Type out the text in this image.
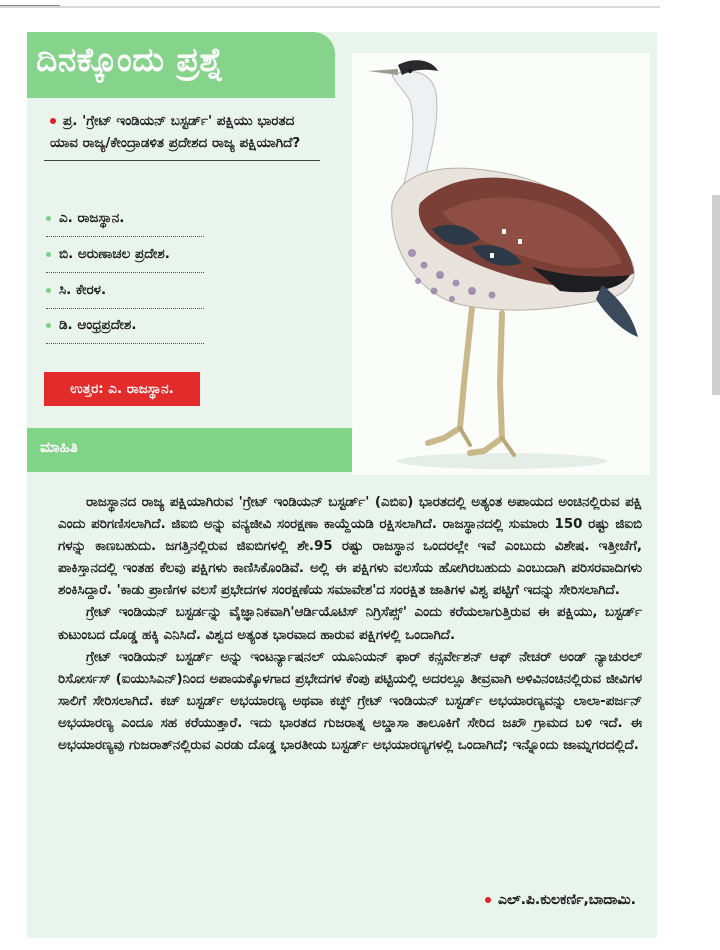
ದಿನಕ್ಕೊಂದು ಪ್ರಶ್ನೆ
ಪ್ರ. 'ಗ್ರೇಟ್ ಇಂಡಿಯನ್ ಬಸ್ಟರ್ಡ್' ಪಕ್ಷಿಯು ಭಾರತದ ಯಾವ ರಾಜ್ಯ/ಕೇಂದ್ರಾಡಳಿತ ಪ್ರದೇಶದ ರಾಜ್ಯ ಪಕ್ಷಿಯಾಗಿದೆ?
ಎ. ರಾಜಸ್ಥಾನ.
ಬಿ. ಅರುಣಾಚಲ ಪ್ರದೇಶ.
ಸಿ. ಕೇರಳ.
ಡಿ. ಆಂಧ್ರಪ್ರದೇಶ.
ಉತ್ತರ: ಎ. ರಾಜಸ್ಥಾನ.
ಮಾಹಿತಿ

ರಾಜಸ್ಥಾನದ ರಾಜ್ಯ ಪಕ್ಷಿಯಾಗಿರುವ 'ಗ್ರೇಟ್ ಇಂಡಿಯನ್ ಬಸ್ಟರ್ಡ್' (ಎಬಿಐ) ಭಾರತದಲ್ಲಿ ಅತ್ಯಂತ ಅಪಾಯದ ಅಂಚಿನಲ್ಲಿರುವ ಪಕ್ಷಿ ಎಂದು ಪರಿಗಣಿಸಲಾಗಿದೆ. ಜಿಐಬಿ ಅನ್ನು ವನ್ಯಜೀವಿ ಸಂರಕ್ಷಣಾ ಕಾಯ್ದೆಯಡಿ ರಕ್ಷಿಸಲಾಗಿದೆ. ರಾಜಸ್ಥಾನದಲ್ಲಿ ಸುಮಾರು 150 ರಷ್ಟು ಜಿಐಬಿ ಗಳನ್ನು ಕಾಣಬಹುದು. ಜಗತ್ತಿನಲ್ಲಿರುವ ಜಿಐಬಿಗಳಲ್ಲಿ ಶೇ.95 ರಷ್ಟು ರಾಜಸ್ಥಾನ ಒಂದರಲ್ಲೇ ಇವೆ ಎಂಬುದು ವಿಶೇಷ. ಇತ್ತೀಚೆಗೆ, ಪಾಕಿಸ್ತಾನದಲ್ಲಿ ಇಂತಹ ಕೆಲವು ಪಕ್ಷಿಗಳು ಕಾಣಿಸಿಕೊಂಡಿವೆ. ಅಲ್ಲಿ ಈ ಪಕ್ಷಿಗಳು ವಲಸೆಯ ಹೋಗಿರಬಹುದು ಎಂಬುದಾಗಿ ಪರಿಸರವಾದಿಗಳು ಶಂಕಿಸಿದ್ದಾರೆ. 'ಕಾಡು ಪ್ರಾಣಿಗಳ ವಲಸೆ ಪ್ರಭೇದಗಳ ಸಂರಕ್ಷಣೆಯ ಸಮಾವೇಶ'ದ ಸಂರಕ್ಷಿತ ಜಾತಿಗಳ ವಿಶ್ವ ಪಟ್ಟಿಗೆ ಇದನ್ನು ಸೇರಿಸಲಾಗಿದೆ.

ಗ್ರೇಟ್ ಇಂಡಿಯನ್ ಬಸ್ಟರ್ಡನ್ನು ವೈಜ್ಞಾನಿಕವಾಗಿ'ಆರ್ಡಿಯೊಟಿಸ್ ನಿಗ್ರಿಸೆಪ್ಸ್' ಎಂದು ಕರೆಯಲಾಗುತ್ತಿರುವ ಈ ಪಕ್ಷಿಯು, ಬಸ್ಟರ್ಡ್ ಕುಟುಂಬದ ದೊಡ್ಡ ಹಕ್ಕಿ ಎನಿಸಿದೆ. ವಿಶ್ವದ ಅತ್ಯಂತ ಭಾರವಾದ ಹಾರುವ ಪಕ್ಷಿಗಳಲ್ಲಿ ಒಂದಾಗಿದೆ.

ಗ್ರೇಟ್ ಇಂಡಿಯನ್ ಬಸ್ಟರ್ಡ್ ಅನ್ನು ಇಂಟರ್ನ್ಯಾಷನಲ್ ಯೂನಿಯನ್ ಫಾರ್ ಕನ್ಸರ್ವೇಶನ್ ಆಫ್ ನೇಚರ್ ಅಂಡ್ ನ್ಯಾಚುರಲ್ ರಿಸೋರ್ಸಸ್ (ಐಯುಸಿಎನ್)ನಿಂದ ಅಪಾಯಕ್ಕೊಳಗಾದ ಪ್ರಭೇದಗಳ ಕೆಂಪು ಪಟ್ಟಿಯಲ್ಲಿ ಅದರಲ್ಲೂ ತೀವ್ರವಾಗಿ ಅಳಿವಿನಂಚಿನಲ್ಲಿರುವ ಜೀವಿಗಳ ಸಾಲಿಗೆ ಸೇರಿಸಲಾಗಿದೆ. ಕಚ್ ಬಸ್ಟರ್ಡ್ ಅಭಯಾರಣ್ಯ ಅಥವಾ ಕಚ್ಛ್ ಗ್ರೇಟ್ ಇಂಡಿಯನ್ ಬಸ್ಟರ್ಡ್ ಅಭಯಾರಣ್ಯವನ್ನು ಲಾಲಾ-ಪರ್ಜನ್ ಅಭಯಾರಣ್ಯ ಎಂದೂ ಸಹ ಕರೆಯುತ್ತಾರೆ. ಇದು ಭಾರತದ ಗುಜರಾತ್ನ ಅಬ್ಡಾಸಾ ತಾಲೂಕಿಗೆ ಸೇರಿದ ಜಖೌ ಗ್ರಾಮದ ಬಳಿ ಇದೆ. ಈ ಅಭಯಾರಣ್ಯವು ಗುಜರಾತ್‌ನಲ್ಲಿರುವ ಎರಡು ದೊಡ್ಡ ಭಾರತೀಯ ಬಸ್ಟರ್ಡ್ ಅಭಯಾರಣ್ಯಗಳಲ್ಲಿ ಒಂದಾಗಿದೆ; ಇನ್ನೊಂದು ಜಾಮ್ನಗರದಲ್ಲಿದೆ.

ಎಲ್.ಪಿ.ಕುಲಕರ್ಣಿ,ಬಾದಾಮಿ.
